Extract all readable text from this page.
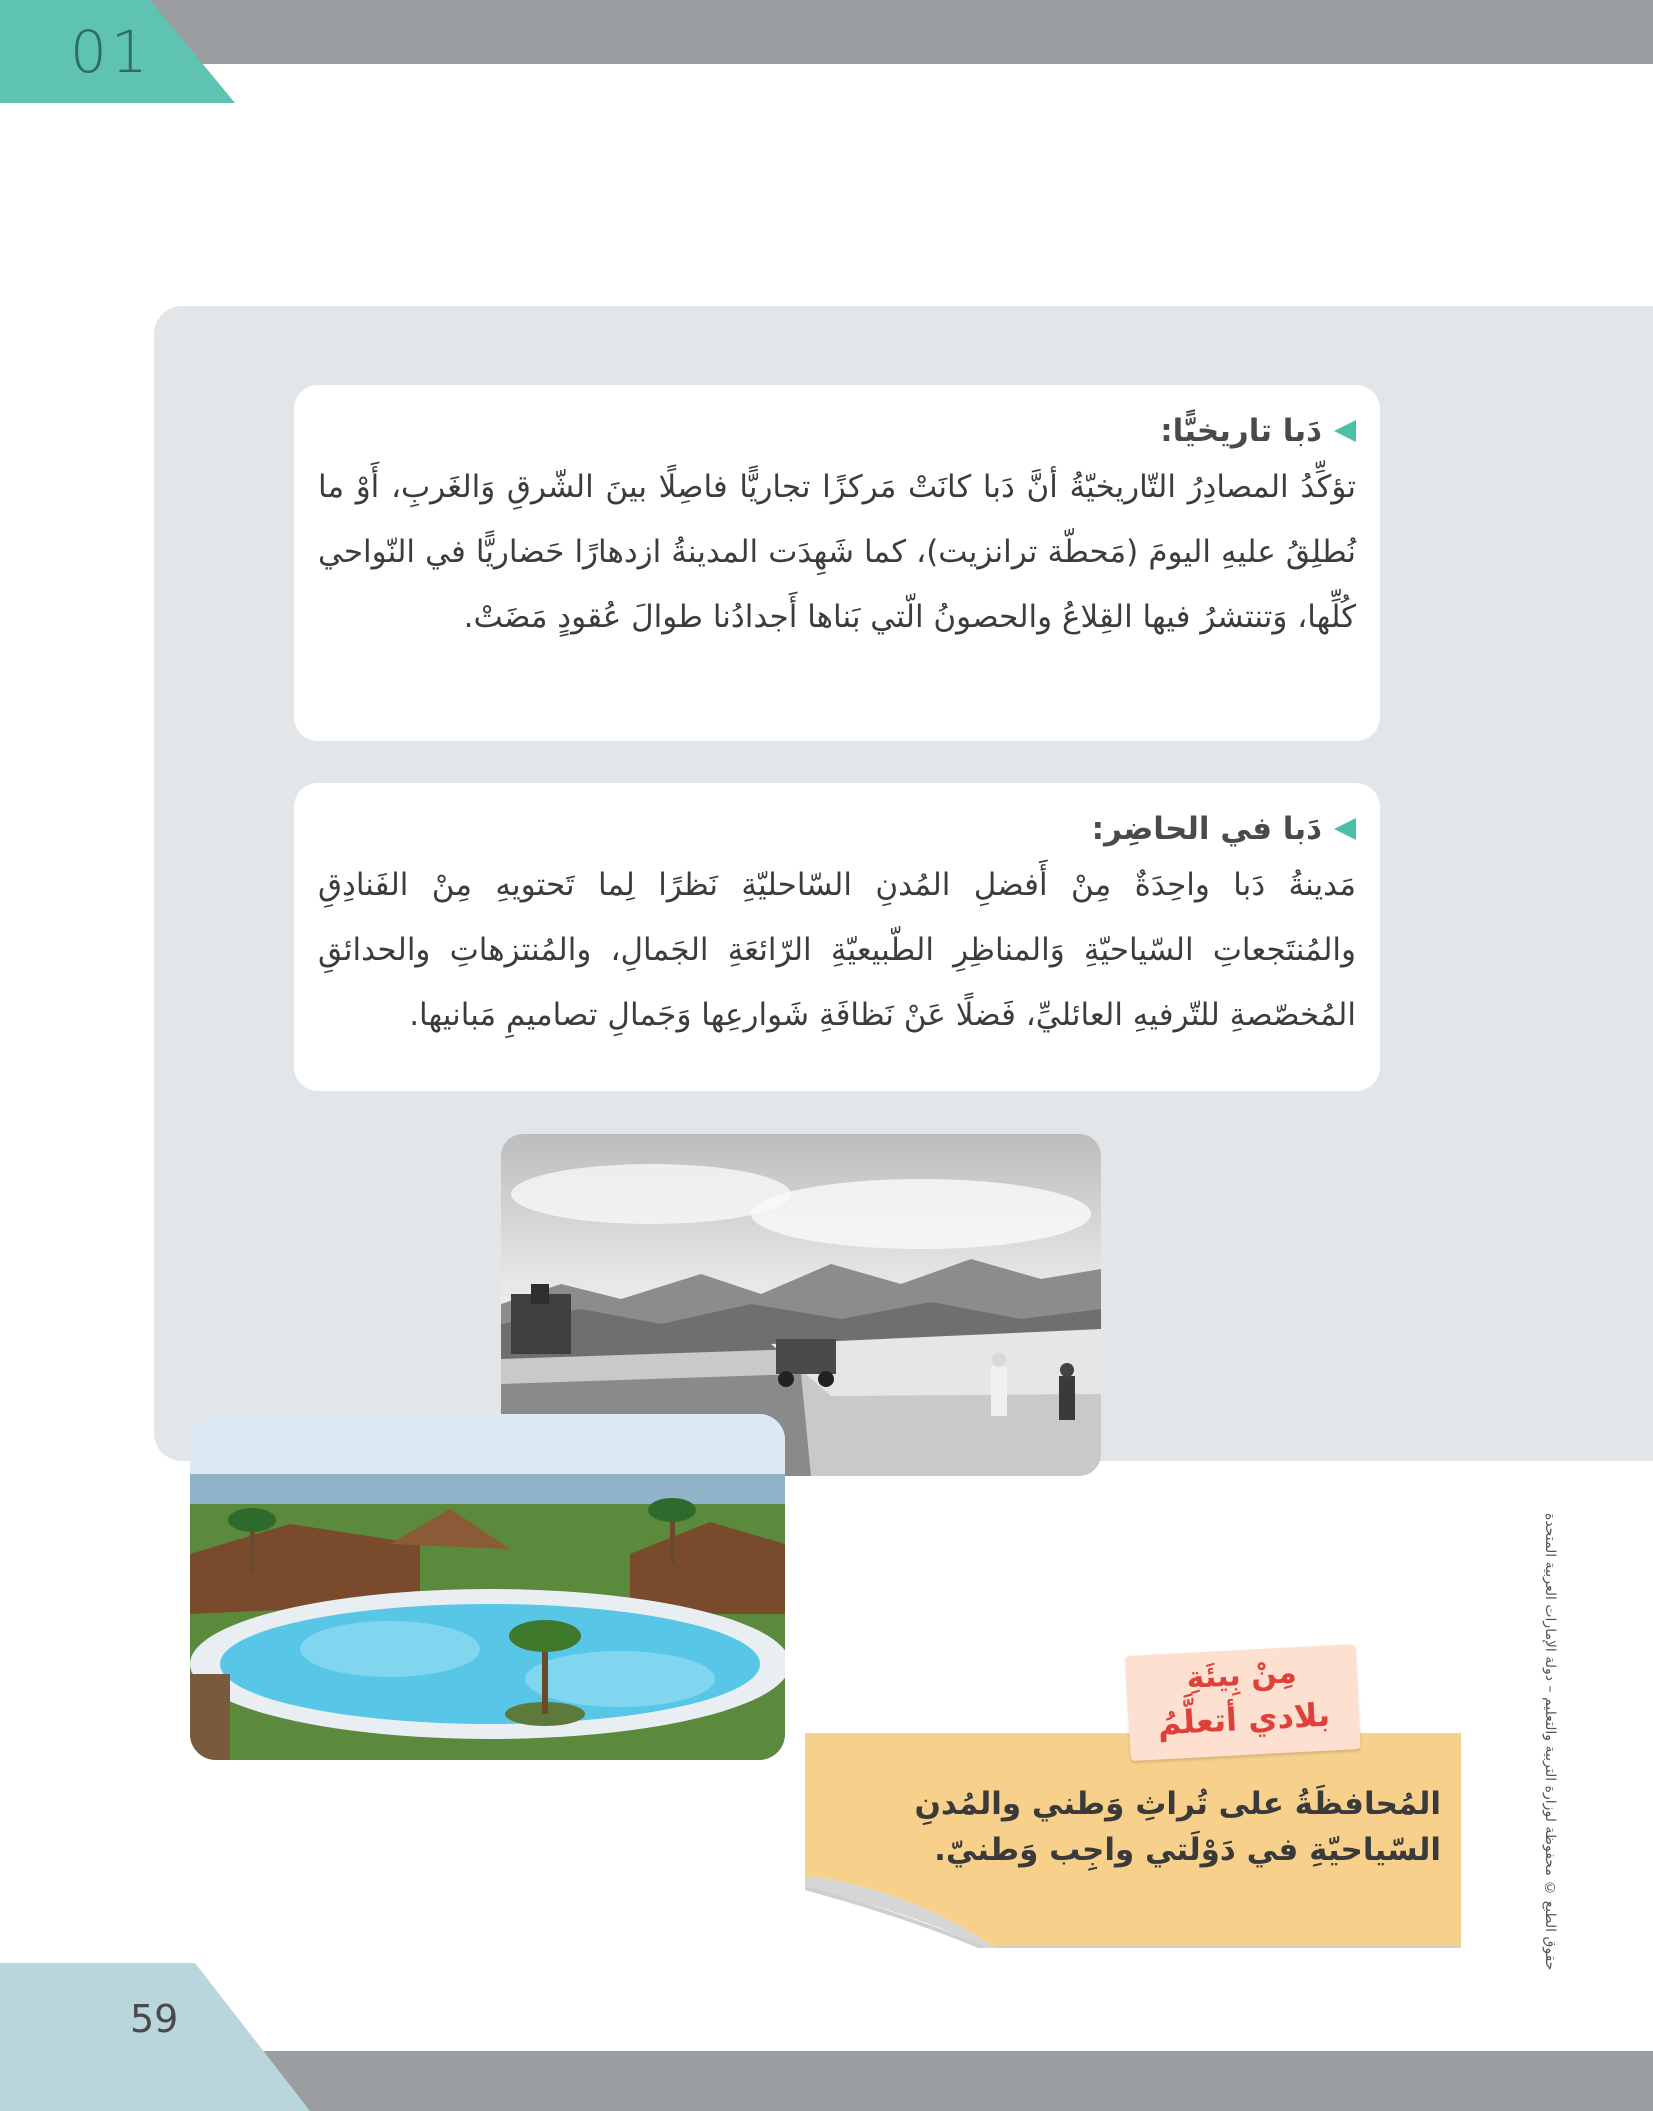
01
دَبا تاريخيًّا:

تؤكِّدُ المصادِرُ التّاريخيّةُ أنَّ دَبا كانَتْ مَركزًا تجاريًّا فاصِلًا بينَ الشّرقِ وَالغَربِ، أَوْ ما نُطلِقُ عليهِ اليومَ (مَحطّة ترانزيت)، كما شَهِدَت المدينةُ ازدهارًا حَضاريًّا في النّواحي كُلِّها، وَتنتشرُ فيها القِلاعُ والحصونُ الّتي بَناها أَجدادُنا طوالَ عُقودٍ مَضَتْ.

دَبا في الحاضِر:

مَدينةُ دَبا واحِدَةٌ مِنْ أَفضلِ المُدنِ السّاحليّةِ نَظرًا لِما تَحتويهِ مِنْ الفَنادِقِ والمُنتَجعاتِ السّياحيّةِ وَالمناظِرِ الطّبيعيّةِ الرّائعَةِ الجَمالِ، والمُنتزهاتِ والحدائقِ المُخصّصةِ للتّرفيهِ العائليِّ، فَضلًا عَنْ نَظافَةِ شَوارعِها وَجَمالِ تصاميمِ مَبانيها.

حقوق الطبع © محفوظة لوزارة التربية والتعليم – دولة الإمارات العربية المتحدة
المُحافظَةُ على تُراثِ وَطني والمُدنِ السّياحيّةِ في دَوْلَتي واجِب وَطنيّ.
مِنْ بِيئَةِ
بلادي أتعلَّمُ
59
